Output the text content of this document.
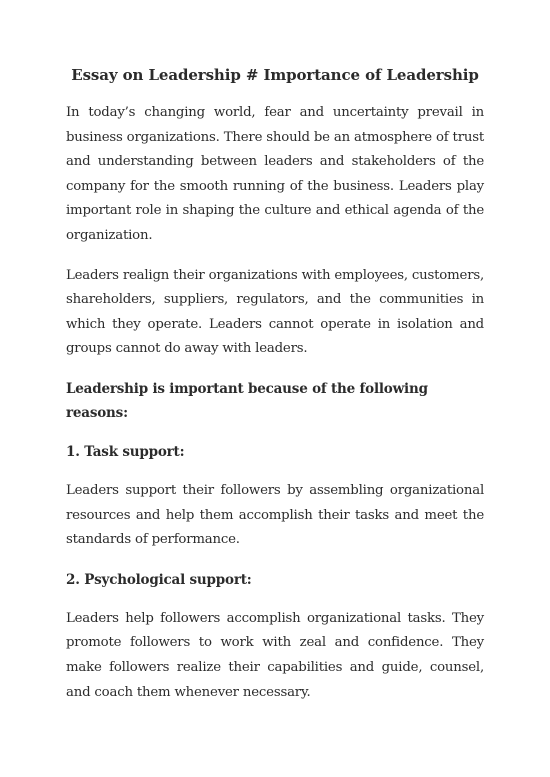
Essay on Leadership # Importance of Leadership

In today’s changing world, fear and uncertainty prevail in business organizations. There should be an atmosphere of trust and understanding between leaders and stakeholders of the company for the smooth running of the business. Leaders play important role in shaping the culture and ethical agenda of the organization.

Leaders realign their organizations with employees, customers, shareholders, suppliers, regulators, and the communities in which they operate. Leaders cannot operate in isolation and groups cannot do away with leaders.

Leadership is important because of the following reasons:
1. Task support:

Leaders support their followers by assembling organizational resources and help them accomplish their tasks and meet the standards of performance.

2. Psychological support:

Leaders help followers accomplish organizational tasks. They promote followers to work with zeal and confidence. They make followers realize their capabilities and guide, counsel, and coach them whenever necessary.
